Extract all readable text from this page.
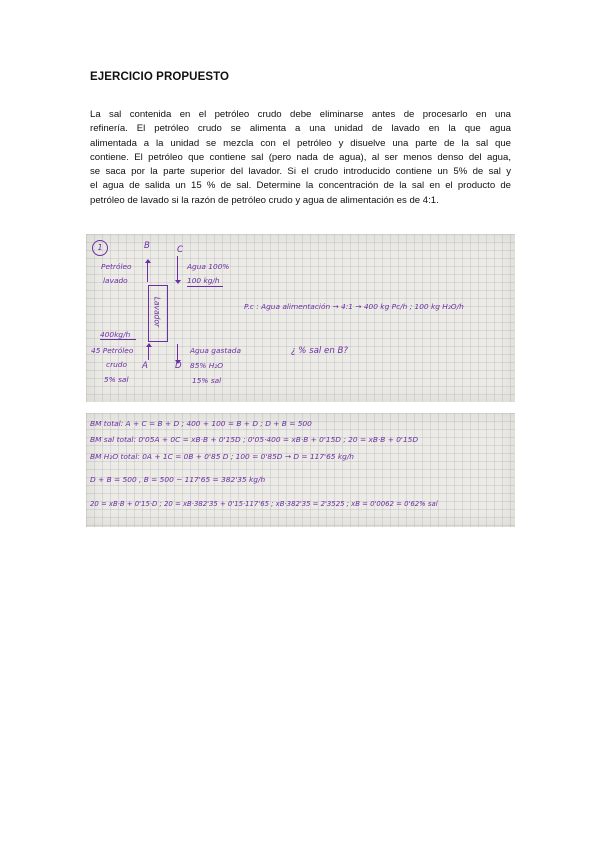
EJERCICIO PROPUESTO
La sal contenida en el petróleo crudo debe eliminarse antes de procesarlo en una
refinería. El petróleo crudo se alimenta a una unidad de lavado en la que agua
alimentada a la unidad se mezcla con el petróleo y disuelve una parte de la sal que
contiene. El petróleo que contiene sal (pero nada de agua), al ser menos denso del agua,
se saca por la parte superior del lavador. Si el crudo introducido contiene un 5% de sal y
el agua de salida un 15 % de sal. Determine la concentración de la sal en el producto de
petróleo de lavado si la razón de petróleo crudo y agua de alimentación es de 4:1.
1	B	C
Petróleo
lavado
Agua 100%
100 kg/h
Lavador	P.c : Agua alimentación → 4:1 → 400 kg Pc/h ; 100 kg H₂O/h
400kg/h
45 Petróleo
crudo
5% sal
A	D
Agua gastada
85% H₂O
15% sal
¿ % sal en B?
BM total: A + C = B + D ; 400 + 100 = B + D ; D + B = 500
BM sal total: 0'05A + 0C = xB·B + 0'15D ; 0'05·400 = xB·B + 0'15D ; 20 = xB·B + 0'15D
BM H₂O total: 0A + 1C = 0B + 0'85 D ; 100 = 0'85D → D = 117'65 kg/h
D + B = 500 , B = 500 − 117'65 = 382'35 kg/h
20 = xB·B + 0'15·D ; 20 = xB·382'35 + 0'15·117'65 ; xB·382'35 = 2'3525 ; xB = 0'0062 = 0'62% sal
